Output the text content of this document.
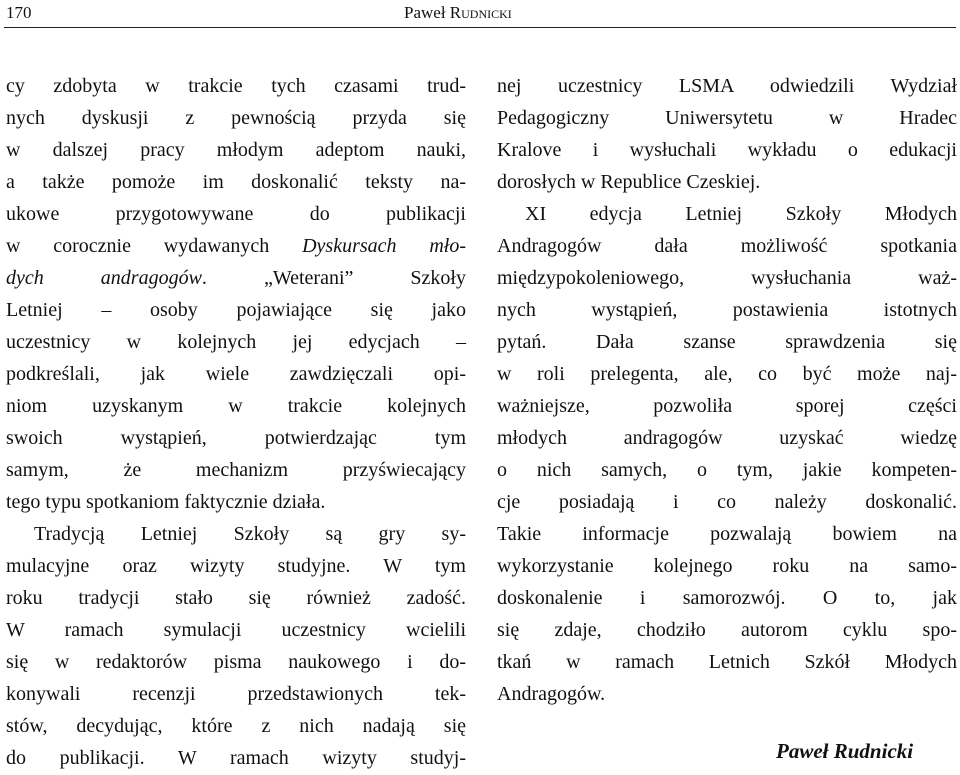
170	Paweł Rudnicki
cy zdobyta w trakcie tych czasami trud-
nych dyskusji z pewnością przyda się
w dalszej pracy młodym adeptom nauki,
a także pomoże im doskonalić teksty na-
ukowe przygotowywane do publikacji
w corocznie wydawanych Dyskursach mło-
dych andragogów. „Weterani” Szkoły
Letniej – osoby pojawiające się jako
uczestnicy w kolejnych jej edycjach –
podkreślali, jak wiele zawdzięczali opi-
niom uzyskanym w trakcie kolejnych
swoich wystąpień, potwierdzając tym
samym, że mechanizm przyświecający
tego typu spotkaniom faktycznie działa.
Tradycją Letniej Szkoły są gry sy-
mulacyjne oraz wizyty studyjne. W tym
roku tradycji stało się również zadość.
W ramach symulacji uczestnicy wcielili
się w redaktorów pisma naukowego i do-
konywali recenzji przedstawionych tek-
stów, decydując, które z nich nadają się
do publikacji. W ramach wizyty studyj-
nej uczestnicy LSMA odwiedzili Wydział
Pedagogiczny Uniwersytetu w Hradec
Kralove i wysłuchali wykładu o edukacji
dorosłych w Republice Czeskiej.
XI edycja Letniej Szkoły Młodych
Andragogów dała możliwość spotkania
międzypokoleniowego, wysłuchania waż-
nych wystąpień, postawienia istotnych
pytań. Dała szanse sprawdzenia się
w roli prelegenta, ale, co być może naj-
ważniejsze, pozwoliła sporej części
młodych andragogów uzyskać wiedzę
o nich samych, o tym, jakie kompeten-
cje posiadają i co należy doskonalić.
Takie informacje pozwalają bowiem na
wykorzystanie kolejnego roku na samo-
doskonalenie i samorozwój. O to, jak
się zdaje, chodziło autorom cyklu spo-
tkań w ramach Letnich Szkół Młodych
Andragogów.
Paweł Rudnicki
